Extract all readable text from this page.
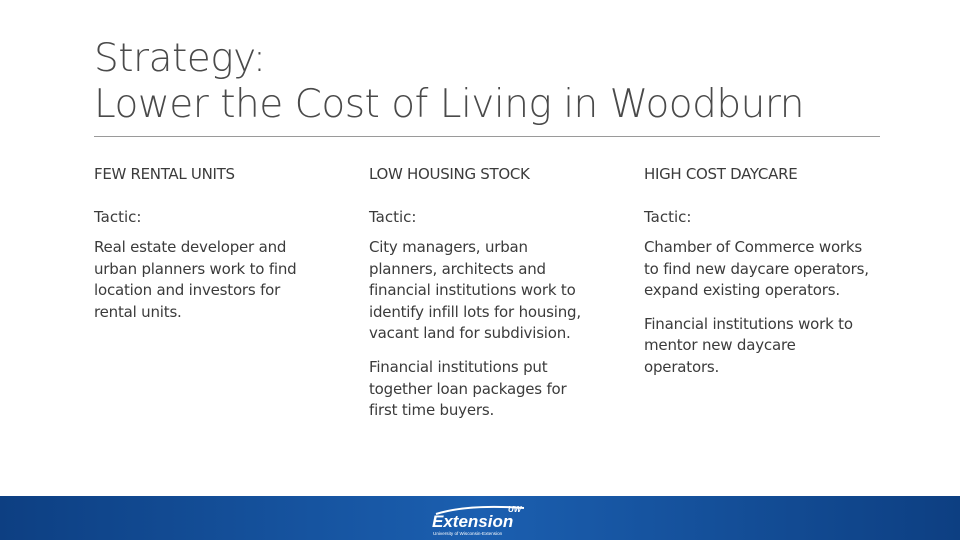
Strategy:
Lower the Cost of Living in Woodburn
FEW RENTAL UNITS
Tactic:

Real estate developer and urban planners work to find location and investors for rental units.

LOW HOUSING STOCK
Tactic:

City managers, urban planners, architects and financial institutions work to identify infill lots for housing, vacant land for subdivision.

Financial institutions put together loan packages for first time buyers.

HIGH COST DAYCARE
Tactic:

Chamber of Commerce works to find new daycare operators, expand existing operators.

Financial institutions work to mentor new daycare operators.

UW
Extension
University of Wisconsin-Extension
